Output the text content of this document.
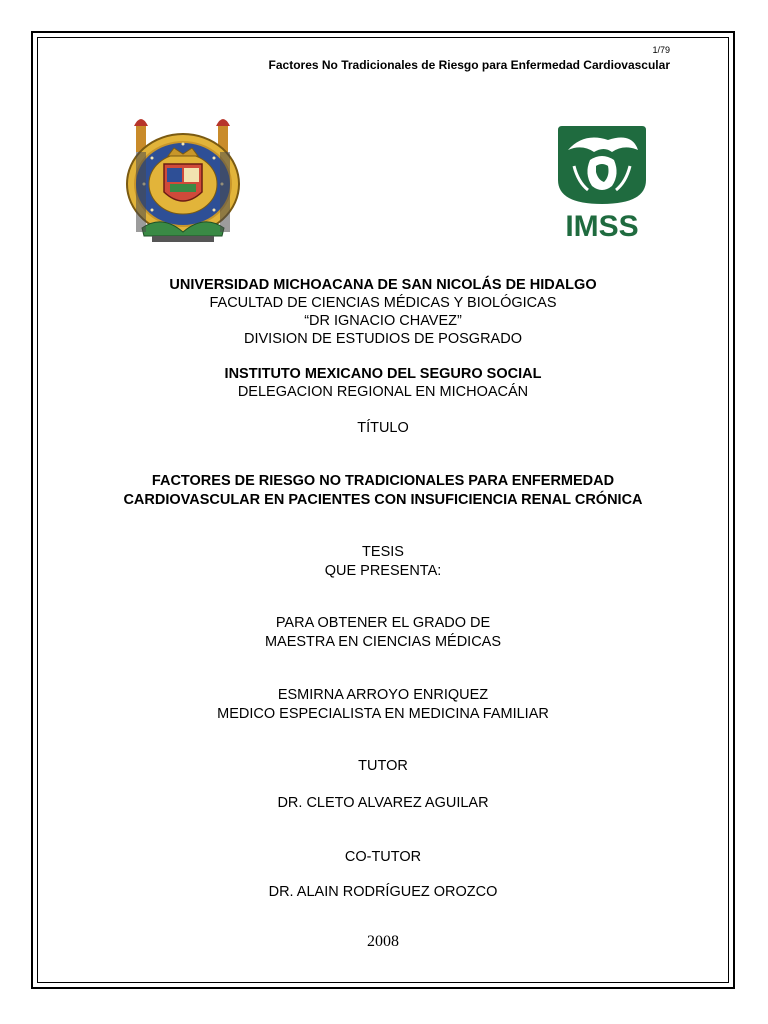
1/79
Factores No Tradicionales de Riesgo para Enfermedad Cardiovascular
IMSS
UNIVERSIDAD MICHOACANA DE SAN NICOLÁS DE HIDALGO
FACULTAD DE CIENCIAS MÉDICAS Y BIOLÓGICAS
“DR IGNACIO CHAVEZ”
DIVISION DE ESTUDIOS DE POSGRADO
INSTITUTO MEXICANO DEL SEGURO SOCIAL
DELEGACION REGIONAL EN MICHOACÁN
TÍTULO
FACTORES DE RIESGO NO TRADICIONALES PARA ENFERMEDAD
CARDIOVASCULAR EN PACIENTES CON INSUFICIENCIA RENAL CRÓNICA
TESIS
QUE PRESENTA:
PARA OBTENER EL GRADO DE
MAESTRA EN CIENCIAS MÉDICAS
ESMIRNA ARROYO ENRIQUEZ
MEDICO ESPECIALISTA EN MEDICINA FAMILIAR
TUTOR
DR. CLETO ALVAREZ AGUILAR
CO-TUTOR
DR. ALAIN RODRÍGUEZ OROZCO
2008
